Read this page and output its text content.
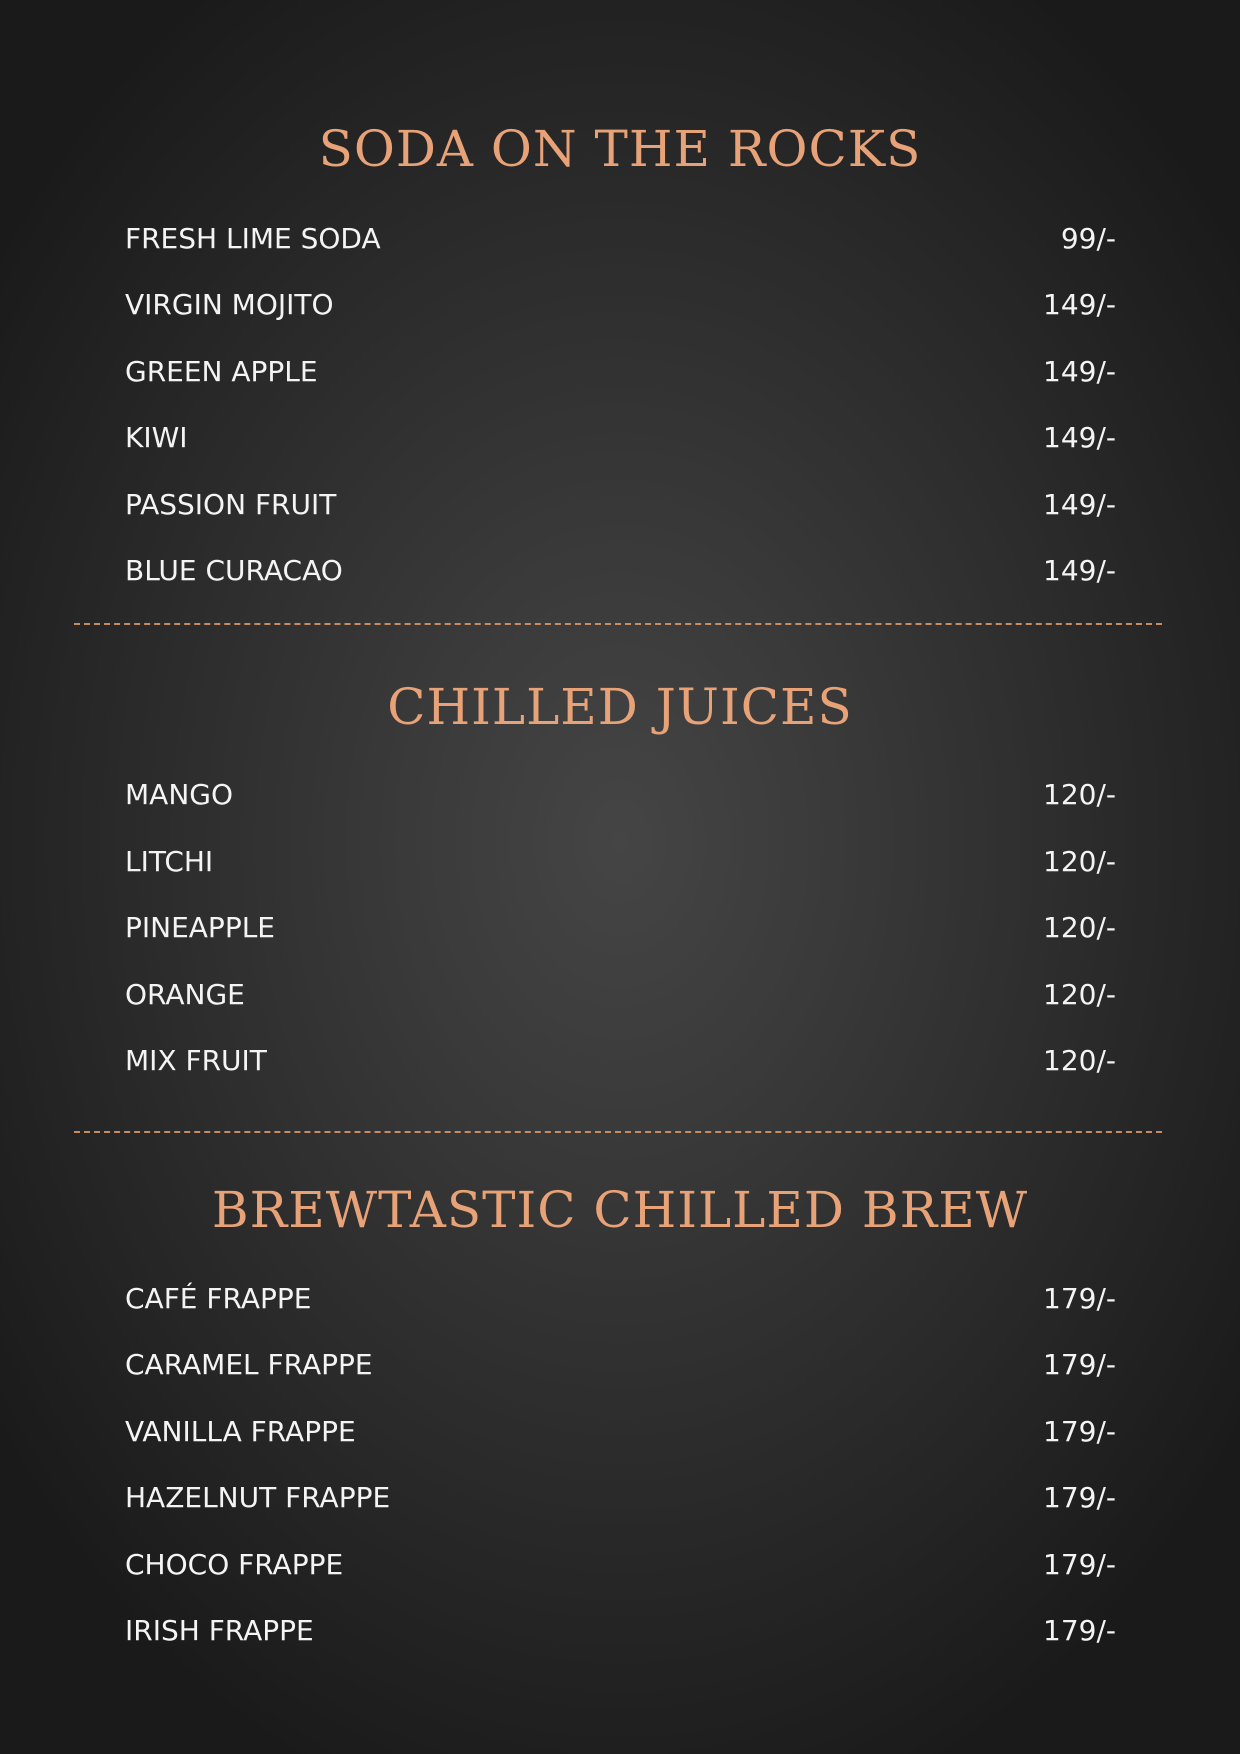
SODA ON THE ROCKS
FRESH LIME SODA	99/-
VIRGIN MOJITO	149/-
GREEN APPLE	149/-
KIWI	149/-
PASSION FRUIT	149/-
BLUE CURACAO	149/-
CHILLED JUICES
MANGO	120/-
LITCHI	120/-
PINEAPPLE	120/-
ORANGE	120/-
MIX FRUIT	120/-
BREWTASTIC CHILLED BREW
CAFÉ FRAPPE	179/-
CARAMEL FRAPPE	179/-
VANILLA FRAPPE	179/-
HAZELNUT FRAPPE	179/-
CHOCO FRAPPE	179/-
IRISH FRAPPE	179/-
